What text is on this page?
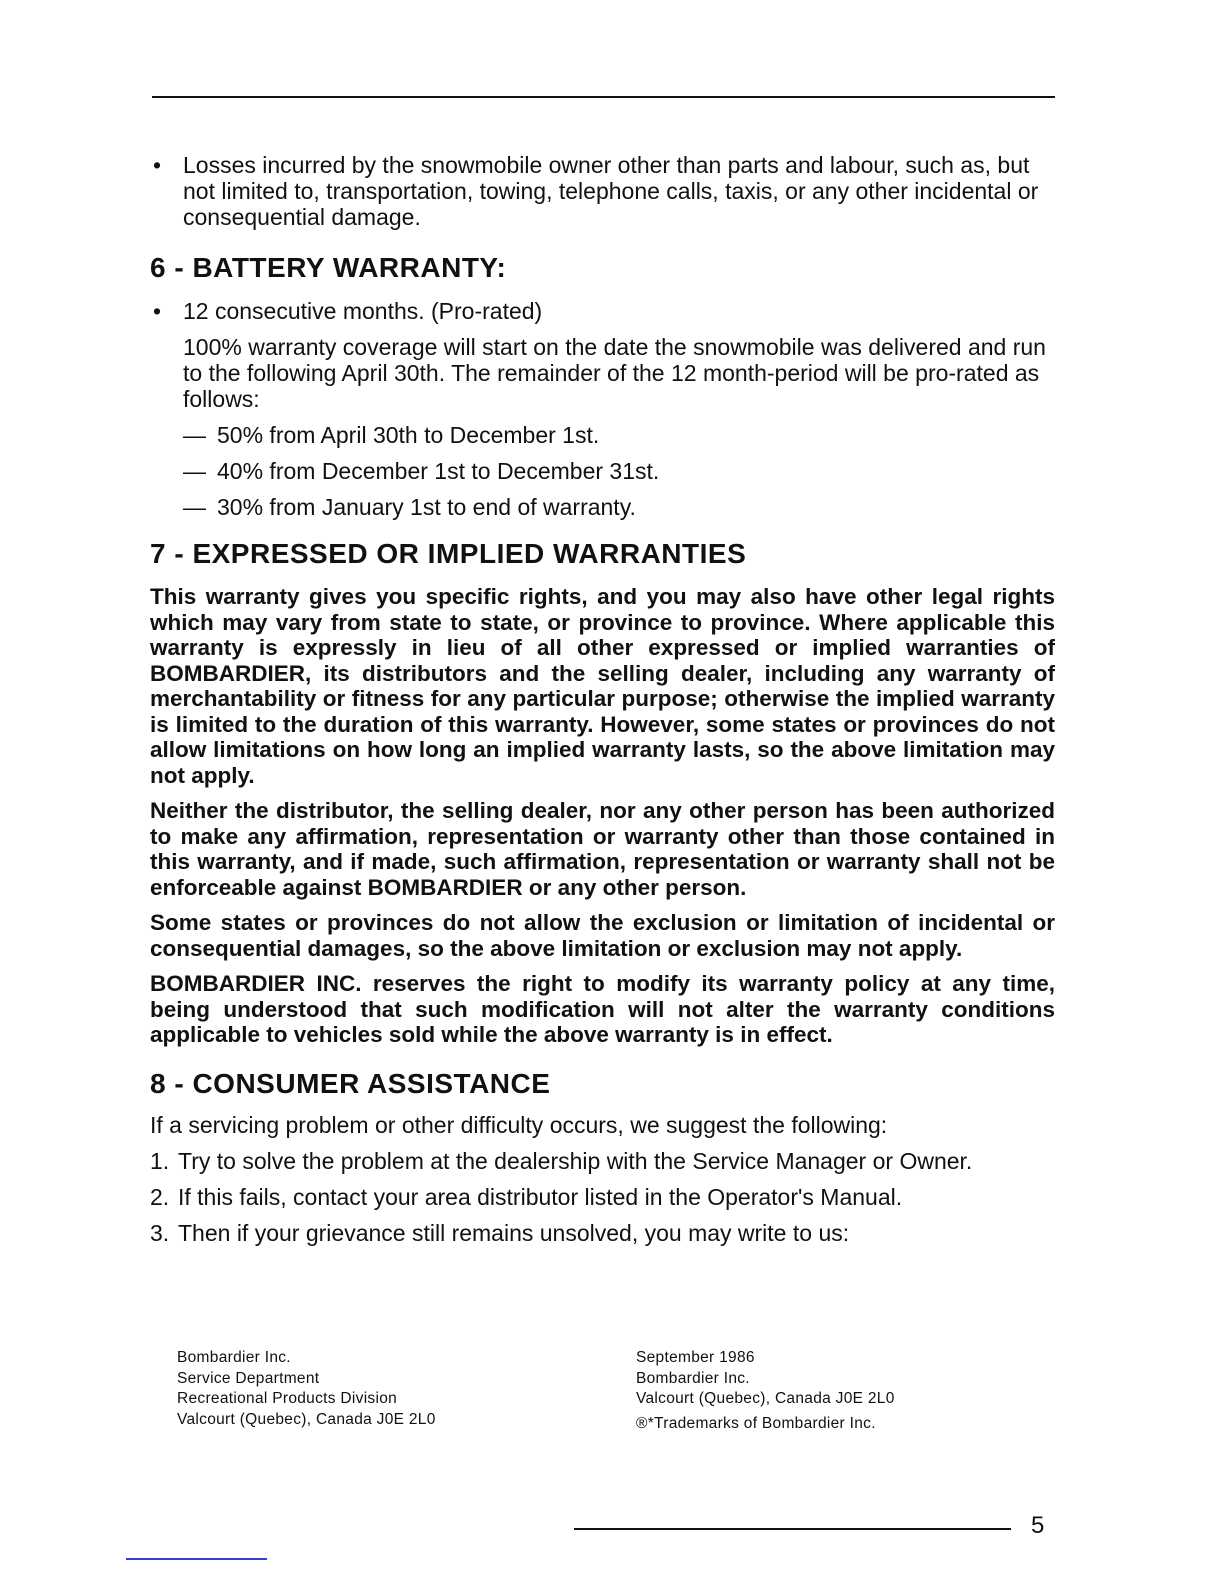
• Losses incurred by the snowmobile owner other than parts and labour, such as, but not limited to, transportation, towing, telephone calls, taxis, or any other incidental or consequential damage.

6 - BATTERY WARRANTY:

• 12 consecutive months. (Pro-rated)

100% warranty coverage will start on the date the snowmobile was delivered and run to the following April 30th. The remainder of the 12 month-period will be pro-rated as follows:

— 50% from April 30th to December 1st.

— 40% from December 1st to December 31st.

— 30% from January 1st to end of warranty.

7 - EXPRESSED OR IMPLIED WARRANTIES

This warranty gives you specific rights, and you may also have other legal rights which may vary from state to state, or province to province. Where applicable this warranty is expressly in lieu of all other expressed or implied warranties of BOMBARDIER, its distributors and the selling dealer, including any warranty of merchantability or fitness for any particular purpose; otherwise the implied warranty is limited to the duration of this warranty. However, some states or provinces do not allow limitations on how long an implied warranty lasts, so the above limitation may not apply.

Neither the distributor, the selling dealer, nor any other person has been authorized to make any affirmation, representation or warranty other than those contained in this warranty, and if made, such affirmation, representation or warranty shall not be enforceable against BOMBARDIER or any other person.

Some states or provinces do not allow the exclusion or limitation of incidental or consequential damages, so the above limitation or exclusion may not apply.

BOMBARDIER INC. reserves the right to modify its warranty policy at any time, being understood that such modification will not alter the warranty conditions applicable to vehicles sold while the above warranty is in effect.

8 - CONSUMER ASSISTANCE

If a servicing problem or other difficulty occurs, we suggest the following:

1. Try to solve the problem at the dealership with the Service Manager or Owner.

2. If this fails, contact your area distributor listed in the Operator's Manual.

3. Then if your grievance still remains unsolved, you may write to us:

Bombardier Inc.
Service Department
Recreational Products Division
Valcourt (Quebec), Canada J0E 2L0
September 1986
Bombardier Inc.
Valcourt (Quebec), Canada J0E 2L0
®*Trademarks of Bombardier Inc.
5
